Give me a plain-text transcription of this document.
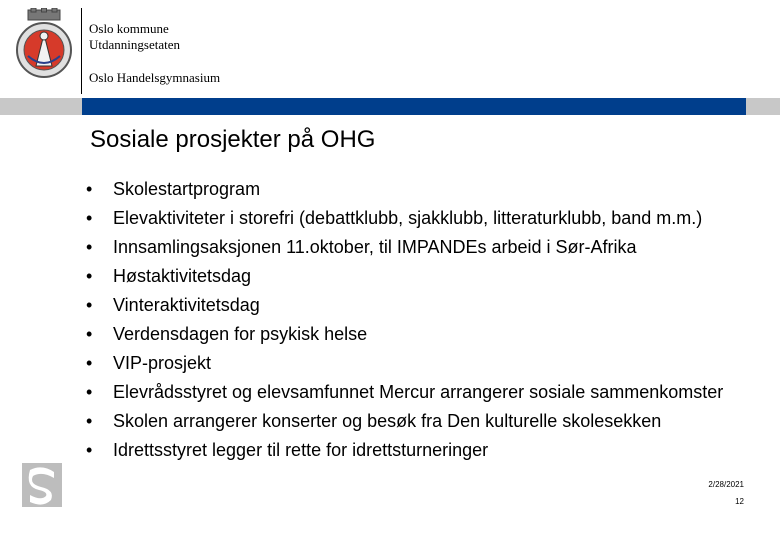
Oslo kommune
Utdanningsetaten
Oslo Handelsgymnasium
Sosiale prosjekter på OHG
• Skolestartprogram
• Elevaktiviteter i storefri (debattklubb, sjakklubb, litteraturklubb, band m.m.)
• Innsamlingsaksjonen 11.oktober, til IMPANDEs arbeid i Sør-Afrika
• Høstaktivitetsdag
• Vinteraktivitetsdag
• Verdensdagen for psykisk helse
• VIP-prosjekt
• Elevrådsstyret og elevsamfunnet Mercur arrangerer sosiale sammenkomster
• Skolen arrangerer konserter og besøk fra Den kulturelle skolesekken
• Idrettsstyret legger til rette for idrettsturneringer
2/28/2021
12
